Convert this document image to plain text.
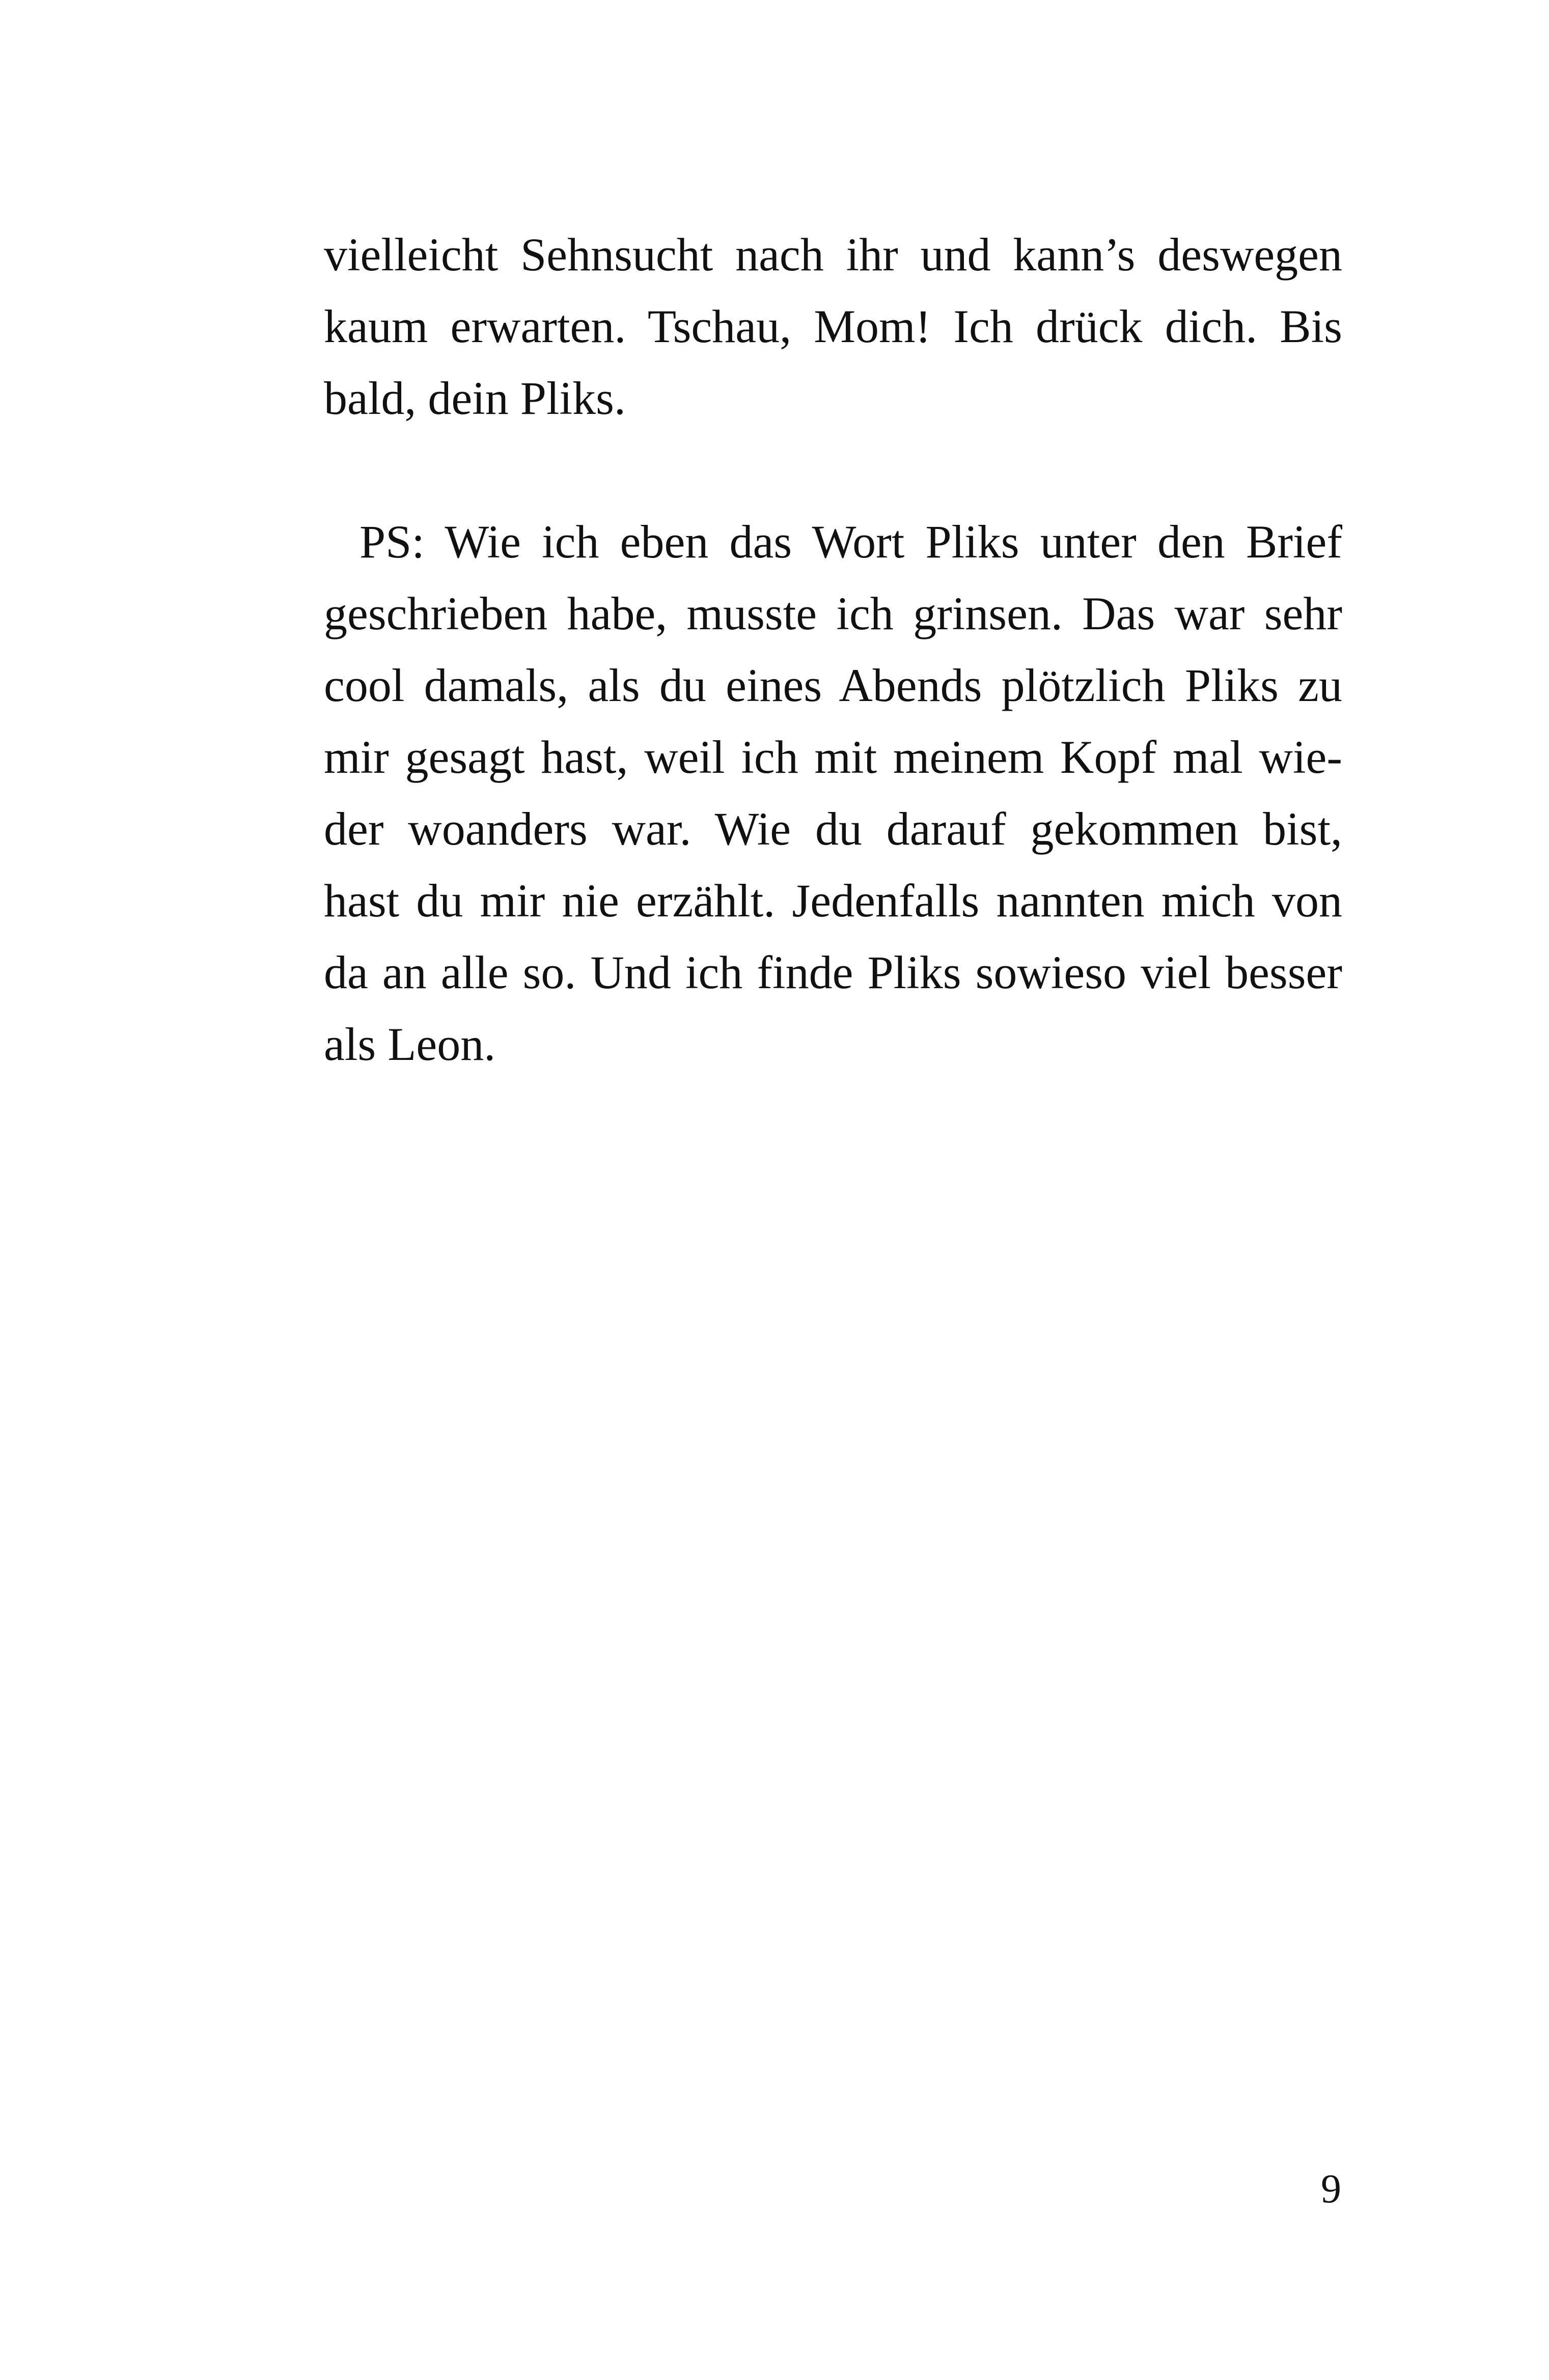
vielleicht Sehnsucht nach ihr und kann’s deswegen
kaum erwarten. Tschau, Mom! Ich drück dich. Bis
bald, dein Pliks.
PS: Wie ich eben das Wort Pliks unter den Brief
geschrieben habe, musste ich grinsen. Das war sehr
cool damals, als du eines Abends plötzlich Pliks zu
mir gesagt hast, weil ich mit meinem Kopf mal wie-
der woanders war. Wie du darauf gekommen bist,
hast du mir nie erzählt. Jedenfalls nannten mich von
da an alle so. Und ich finde Pliks sowieso viel besser
als Leon.
9
